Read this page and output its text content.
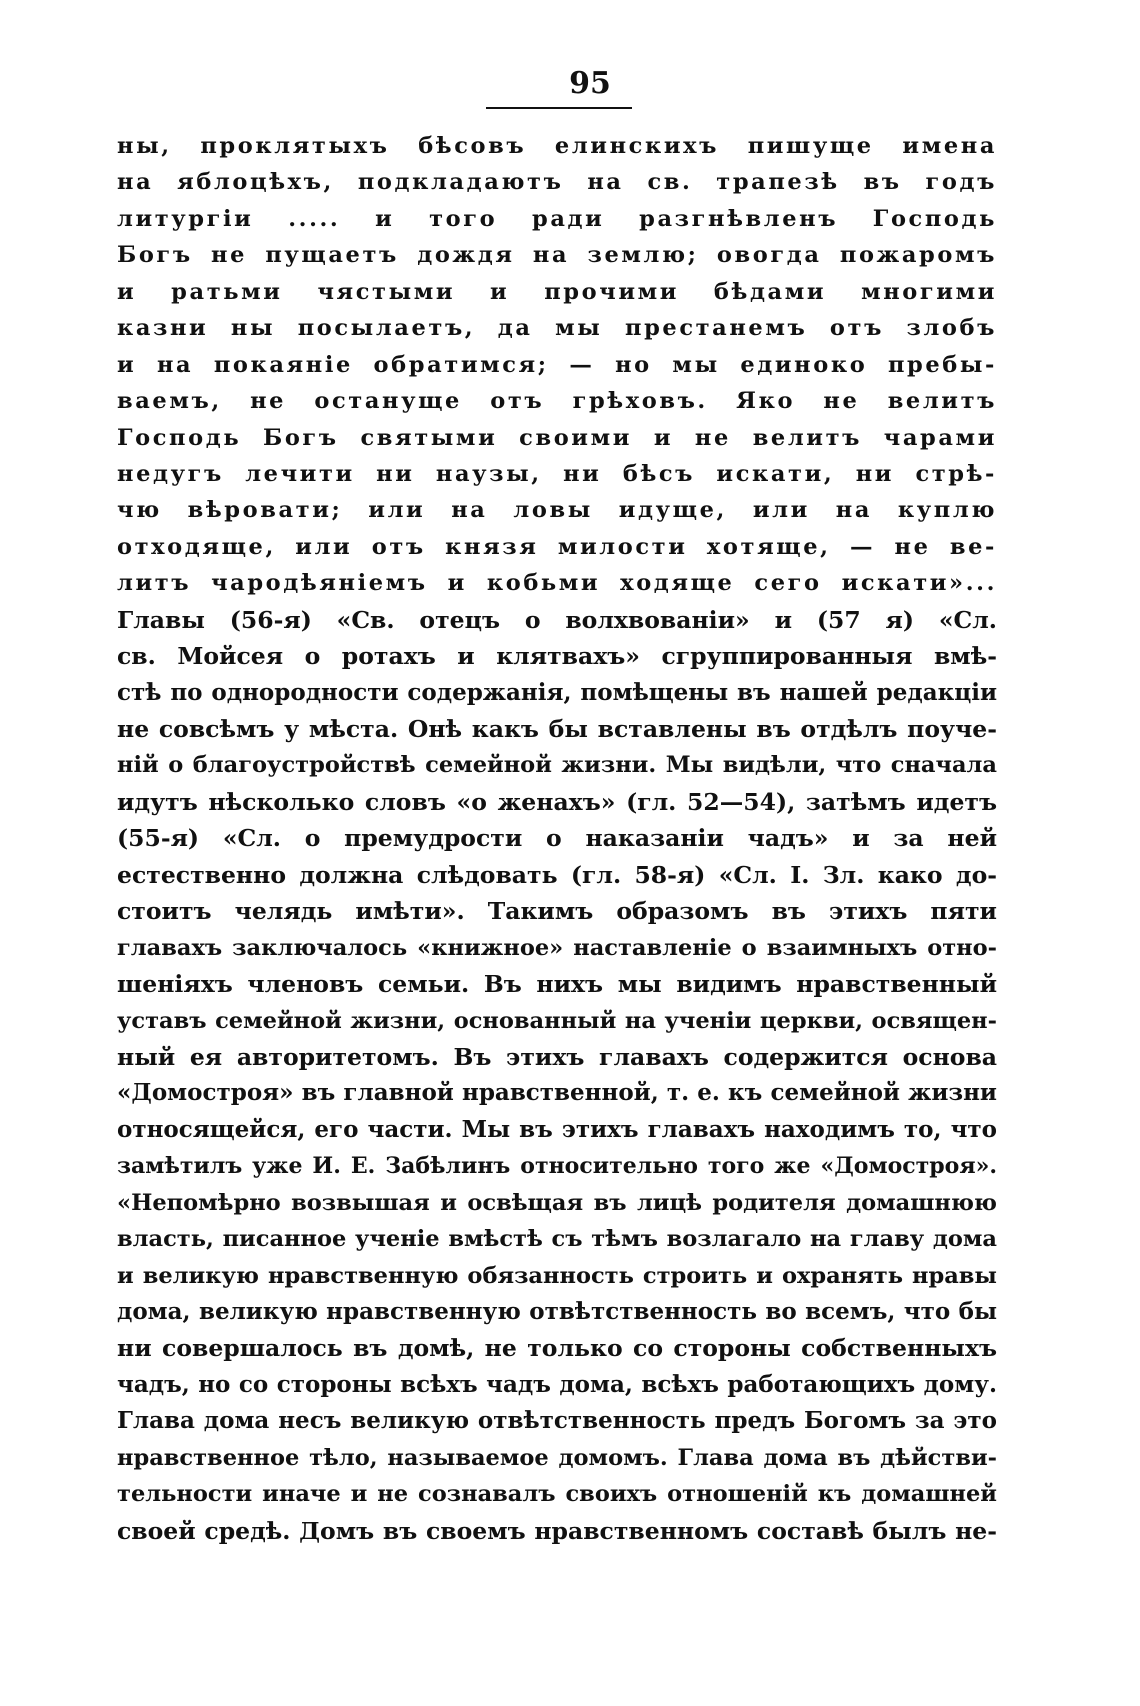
95
ны, проклятыхъ бѣсовъ елинскихъ пишуще имена
на яблоцѣхъ, подкладаютъ на св. трапезѣ въ годъ
литургіи ..... и того ради разгнѣвленъ Господь
Богъ не пущаетъ дождя на землю; овогда пожаромъ
и ратьми чястыми и прочими бѣдами многими
казни ны посылаетъ, да мы престанемъ отъ злобъ
и на покаяніе обратимся; — но мы единоко пребы-
ваемъ, не останущe отъ грѣховъ. Яко не велитъ
Господь Богъ святыми своими и не велитъ чарами
недугъ лечити ни наузы, ни бѣсъ искати, ни стрѣ-
чю вѣровати; или на ловы идуще, или на куплю
отходяще, или отъ князя милости хотяще, — не ве-
литъ чародѣяніемъ и кобьми ходяще сего искати»...
Главы (56-я) «Св. отецъ о волхвованіи» и (57 я) «Сл.
св. Мойсея о ротахъ и клятвахъ» сгруппированныя вмѣ-
стѣ по однородности содержанія, помѣщены въ нашей редакціи
не совсѣмъ у мѣста. Онѣ какъ бы вставлены въ отдѣлъ поуче-
ній о благоустройствѣ семейной жизни. Мы видѣли, что сначала
идутъ нѣсколько словъ «о женахъ» (гл. 52—54), затѣмъ идетъ
(55-я) «Сл. о премудрости о наказаніи чадъ» и за ней
естественно должна слѣдовать (гл. 58-я) «Сл. I. Зл. како до-
стоитъ челядь имѣти». Такимъ образомъ въ этихъ пяти
главахъ заключалось «книжное» наставленіе о взаимныхъ отно-
шеніяхъ членовъ семьи. Въ нихъ мы видимъ нравственный
уставъ семейной жизни, основанный на ученіи церкви, освящен-
ный ея авторитетомъ. Въ этихъ главахъ содержится основа
«Домостроя» въ главной нравственной, т. е. къ семейной жизни
относящейся, его части. Мы въ этихъ главахъ находимъ то, что
замѣтилъ уже И. Е. Забѣлинъ относительно того же «Домостроя».
«Непомѣрно возвышая и освѣщая въ лицѣ родителя домашнюю
власть, писанное ученіе вмѣстѣ съ тѣмъ возлагало на главу дома
и великую нравственную обязанность строить и охранять нравы
дома, великую нравственную отвѣтственность во всемъ, что бы
ни совершалось въ домѣ, не только со стороны собственныхъ
чадъ, но со стороны всѣхъ чадъ дома, всѣхъ работающихъ дому.
Глава дома несъ великую отвѣтственность предъ Богомъ за это
нравственное тѣло, называемое домомъ. Глава дома въ дѣйстви-
тельности иначе и не сознавалъ своихъ отношеній къ домашней
своей средѣ. Домъ въ своемъ нравственномъ составѣ былъ не-
